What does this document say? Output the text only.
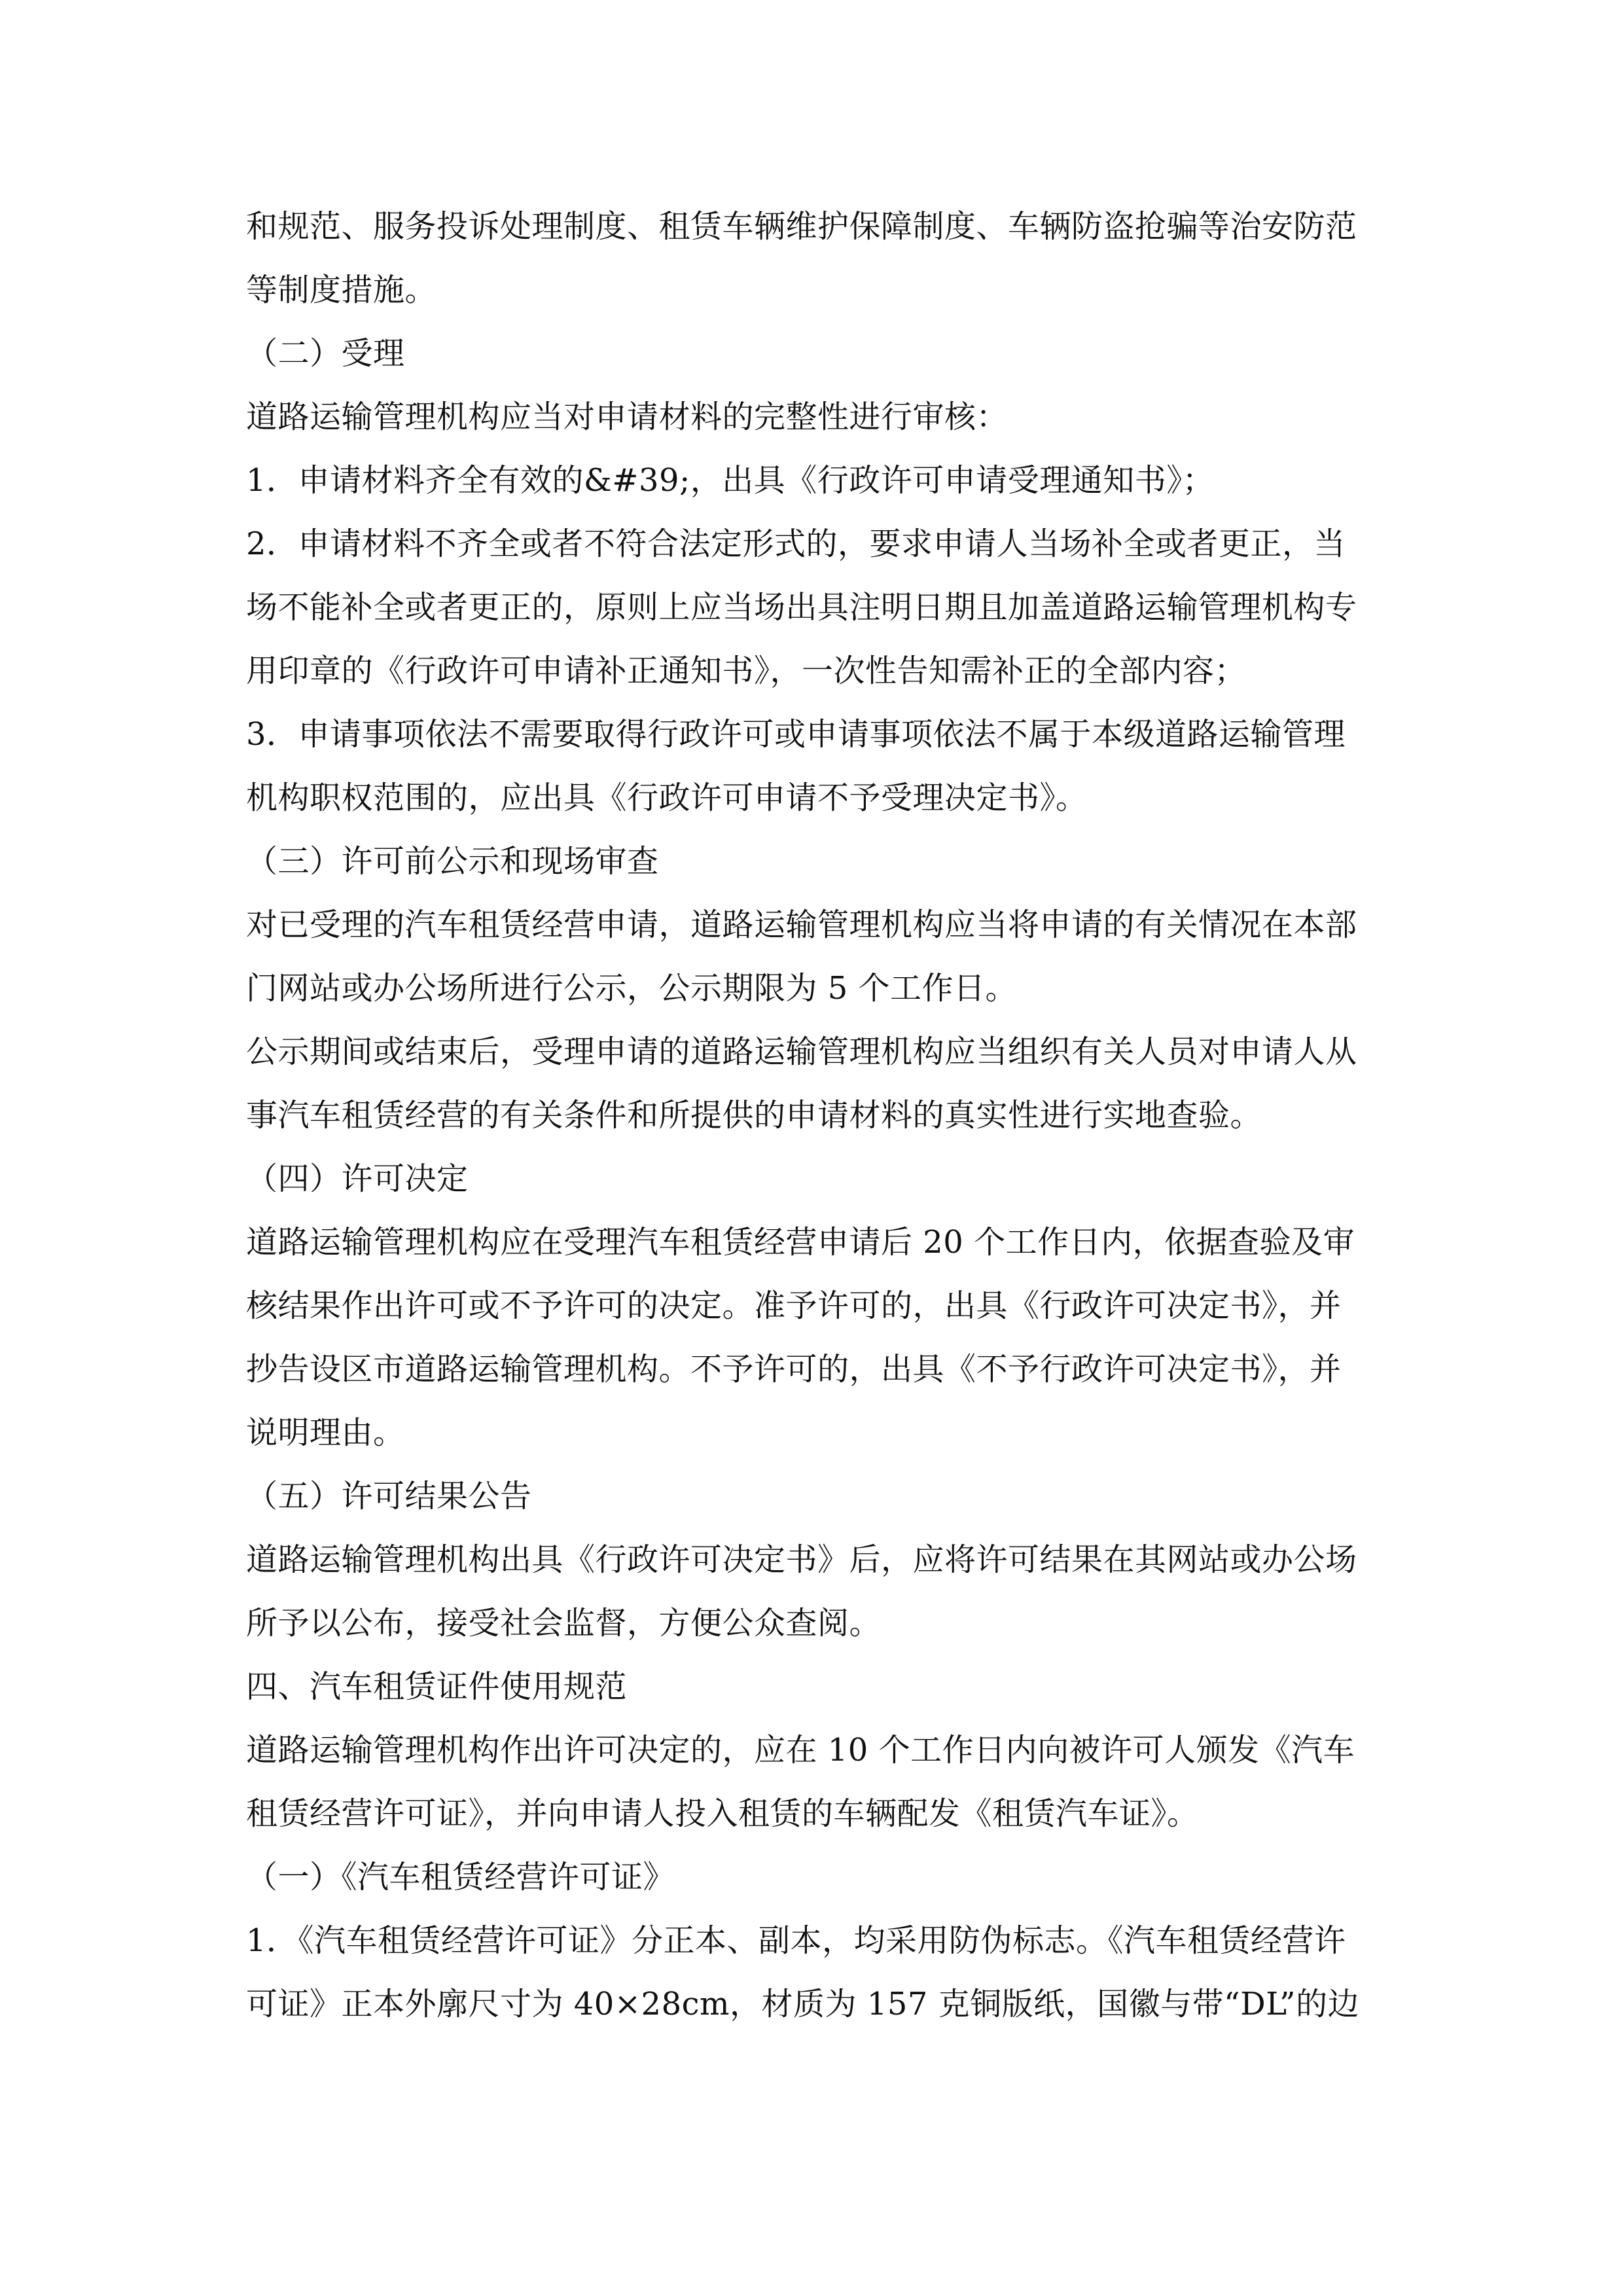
和规范、服务投诉处理制度、租赁车辆维护保障制度、车辆防盗抢骗等治安防范
等制度措施。
（二）受理
道路运输管理机构应当对申请材料的完整性进行审核：
1．申请材料齐全有效的&#39;，出具《行政许可申请受理通知书》；
2．申请材料不齐全或者不符合法定形式的，要求申请人当场补全或者更正，当
场不能补全或者更正的，原则上应当场出具注明日期且加盖道路运输管理机构专
用印章的《行政许可申请补正通知书》，一次性告知需补正的全部内容；
3．申请事项依法不需要取得行政许可或申请事项依法不属于本级道路运输管理
机构职权范围的，应出具《行政许可申请不予受理决定书》。
（三）许可前公示和现场审查
对已受理的汽车租赁经营申请，道路运输管理机构应当将申请的有关情况在本部
门网站或办公场所进行公示，公示期限为 5 个工作日。
公示期间或结束后，受理申请的道路运输管理机构应当组织有关人员对申请人从
事汽车租赁经营的有关条件和所提供的申请材料的真实性进行实地查验。
（四）许可决定
道路运输管理机构应在受理汽车租赁经营申请后 20 个工作日内，依据查验及审
核结果作出许可或不予许可的决定。准予许可的，出具《行政许可决定书》，并
抄告设区市道路运输管理机构。不予许可的，出具《不予行政许可决定书》，并
说明理由。
（五）许可结果公告
道路运输管理机构出具《行政许可决定书》后，应将许可结果在其网站或办公场
所予以公布，接受社会监督，方便公众查阅。
四、汽车租赁证件使用规范
道路运输管理机构作出许可决定的，应在 10 个工作日内向被许可人颁发《汽车
租赁经营许可证》，并向申请人投入租赁的车辆配发《租赁汽车证》。
（一）《汽车租赁经营许可证》
1．《汽车租赁经营许可证》分正本、副本，均采用防伪标志。《汽车租赁经营许
可证》正本外廓尺寸为 40×28cm，材质为 157 克铜版纸，国徽与带“DL”的边
